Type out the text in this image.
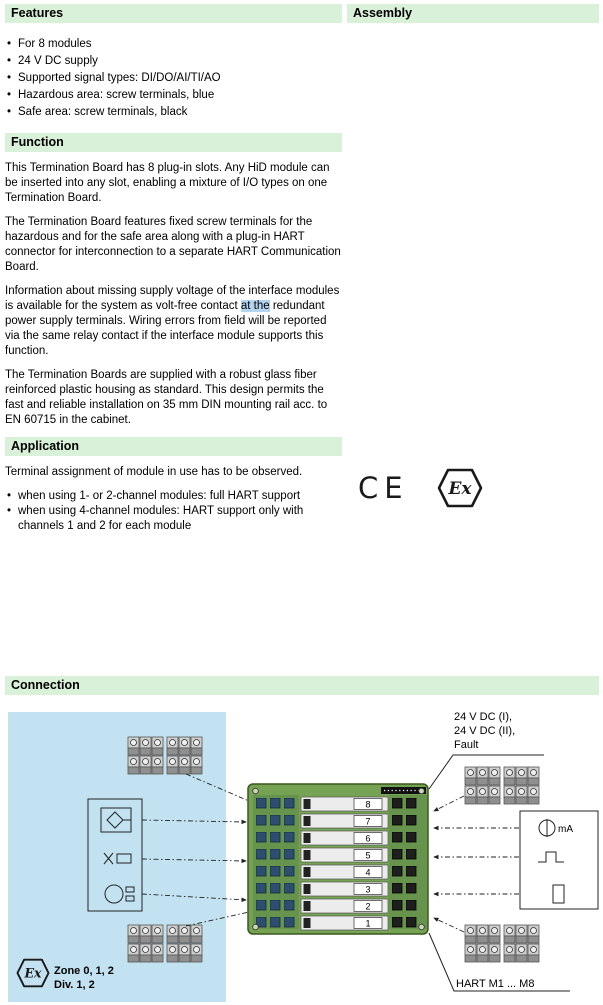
Features
• For 8 modules
• 24 V DC supply
• Supported signal types: DI/DO/AI/TI/AO
• Hazardous area: screw terminals, blue
• Safe area: screw terminals, black
Function

This Termination Board has 8 plug-in slots. Any HiD module can be inserted into any slot, enabling a mixture of I/O types on one Termination Board.

The Termination Board features fixed screw terminals for the hazardous and for the safe area along with a plug-in HART connector for interconnection to a separate HART Communication Board.

Information about missing supply voltage of the interface modules is available for the system as volt-free contact at the redundant power supply terminals. Wiring errors from field will be reported via the same relay contact if the interface module supports this function.

The Termination Boards are supplied with a robust glass fiber reinforced plastic housing as standard. This design permits the fast and reliable installation on 35 mm DIN mounting rail acc. to EN 60715 in the cabinet.

Application

Terminal assignment of module in use has to be observed.

• when using 1- or 2-channel modules: full HART support
• when using 4-channel modules: HART support only with channels 1 and 2 for each module
Assembly
CE
Connection
8
7
6
5
4
3
2
1
mA
24 V DC (I),
24 V DC (II),
Fault
HART M1 ... M8
Zone 0, 1, 2
Div. 1, 2
